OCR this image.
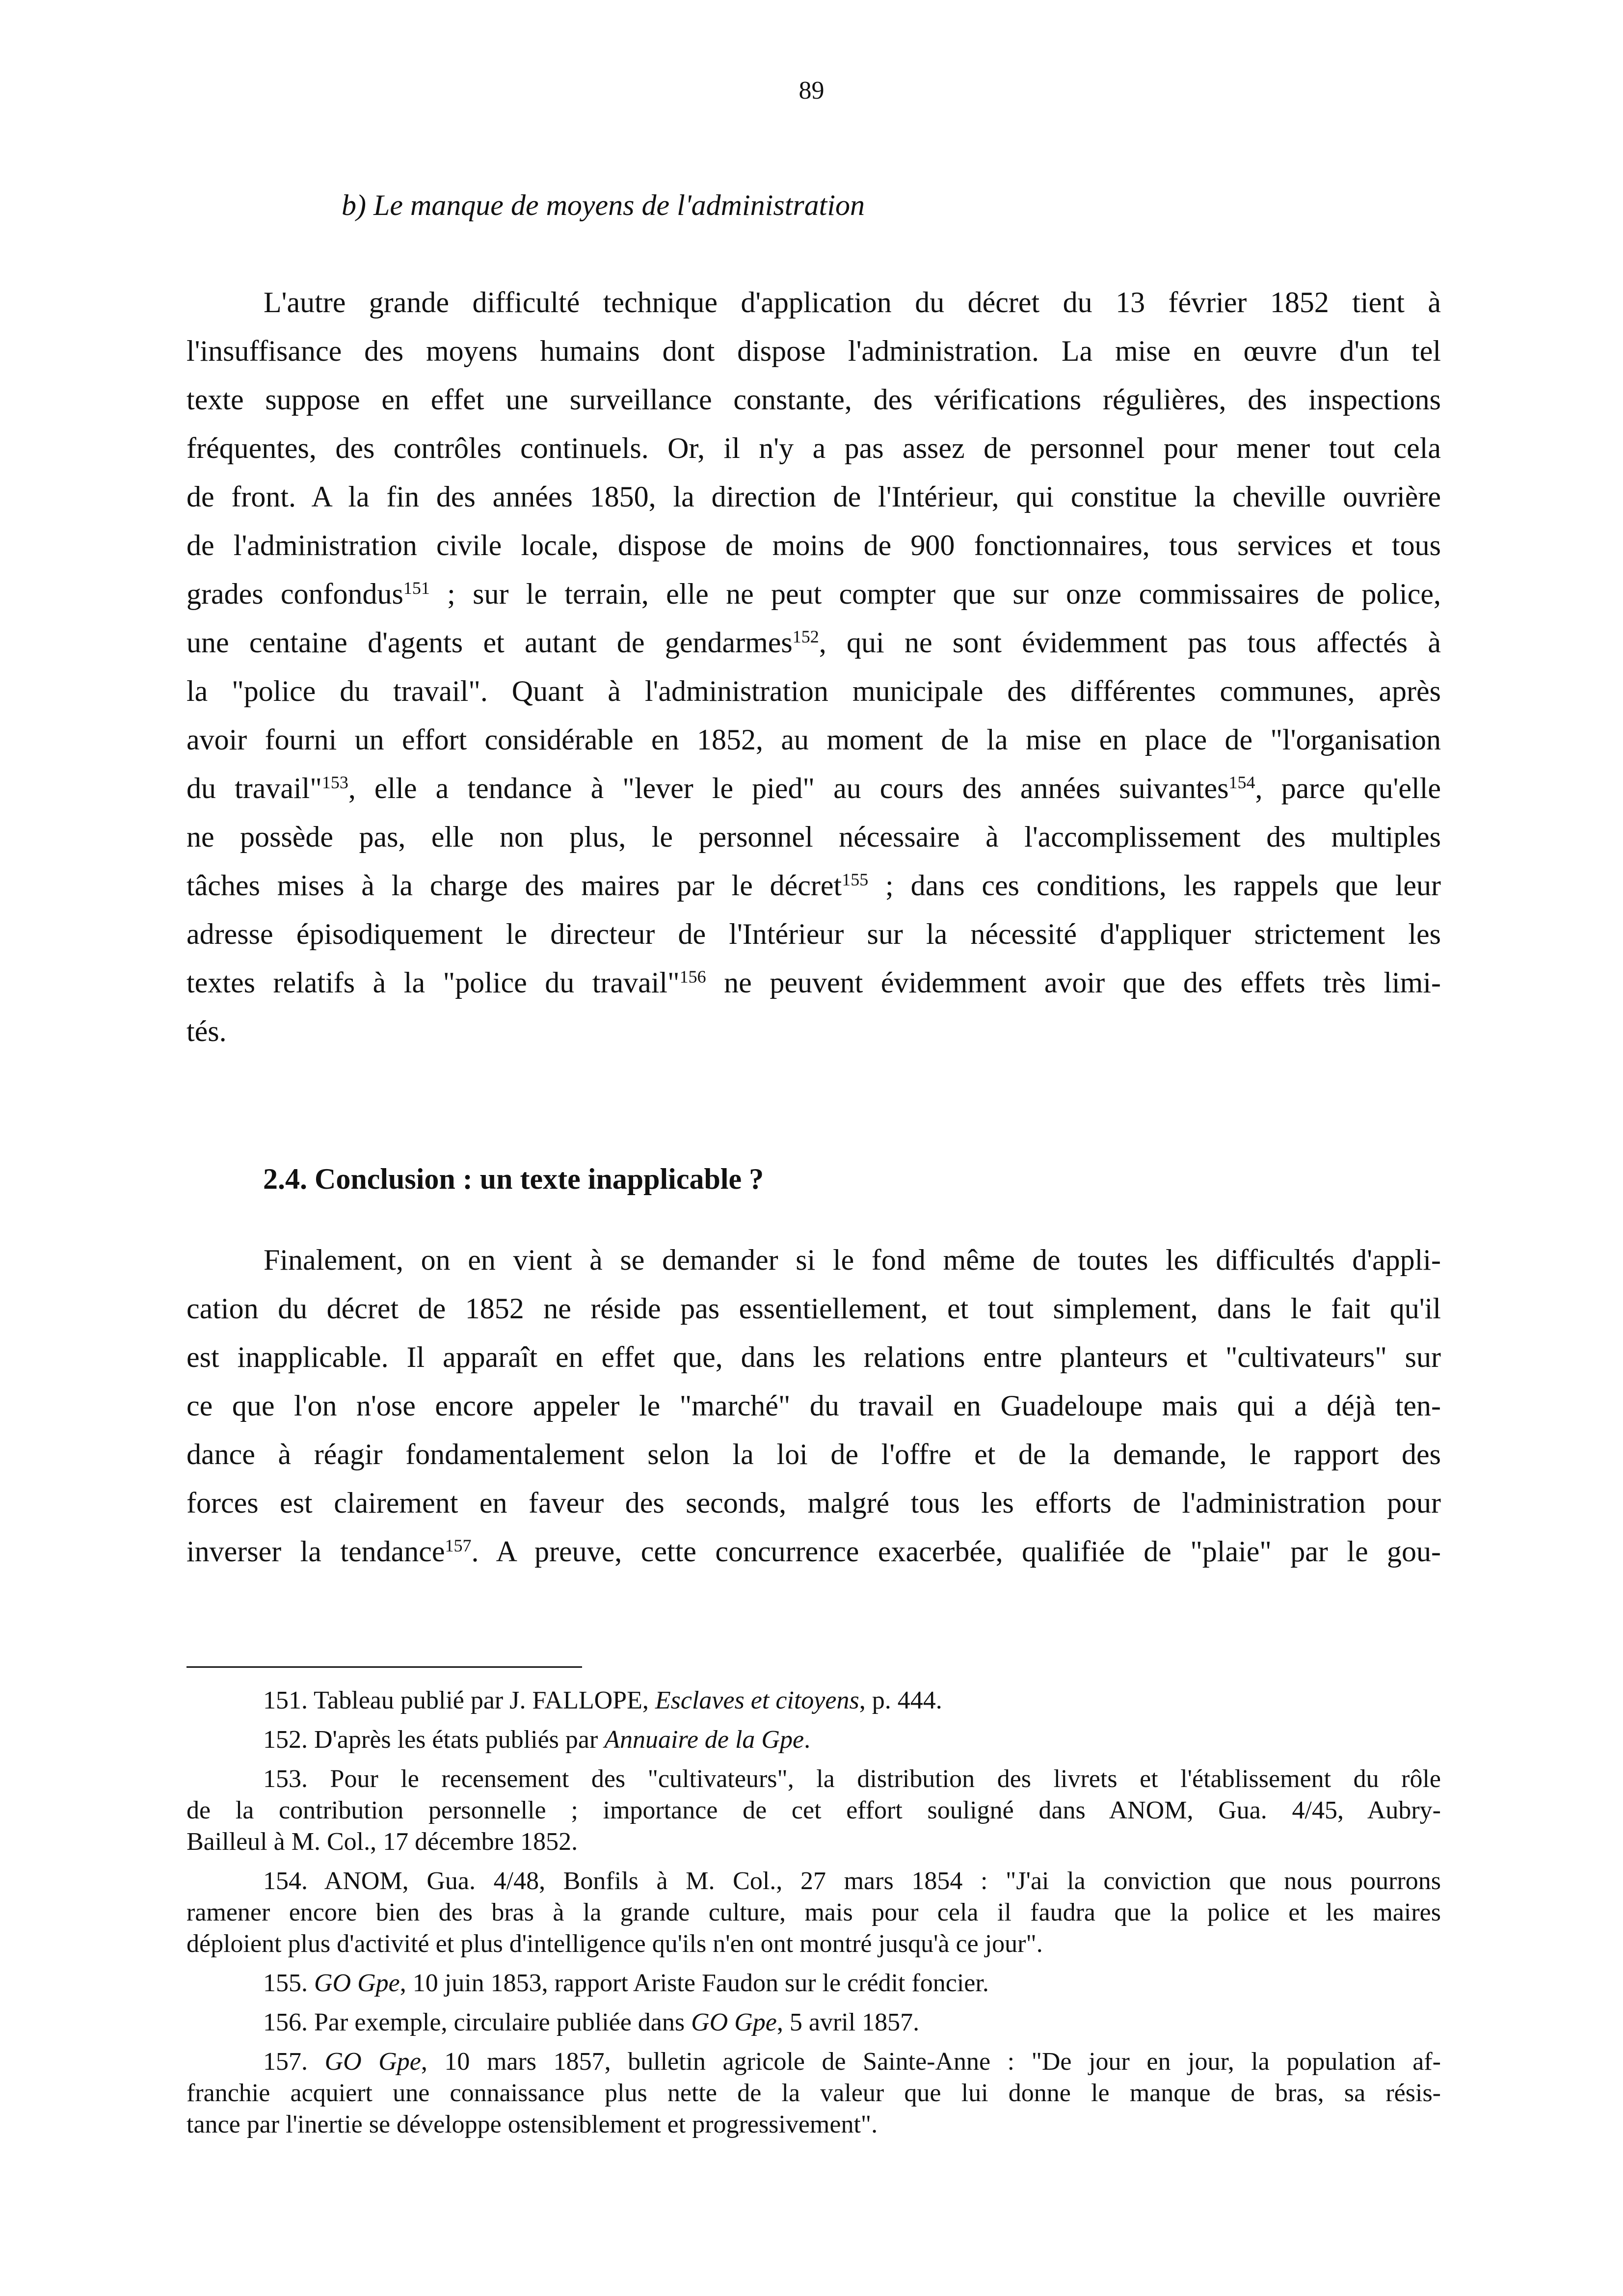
89
b) Le manque de moyens de l'administration
L'autre grande difficulté technique d'application du décret du 13 février 1852 tient à
l'insuffisance des moyens humains dont dispose l'administration. La mise en œuvre d'un tel
texte suppose en effet une surveillance constante, des vérifications régulières, des inspections
fréquentes, des contrôles continuels. Or, il n'y a pas assez de personnel pour mener tout cela
de front. A la fin des années 1850, la direction de l'Intérieur, qui constitue la cheville ouvrière
de l'administration civile locale, dispose de moins de 900 fonctionnaires, tous services et tous
grades confondus$^{151}$ ; sur le terrain, elle ne peut compter que sur onze commissaires de police,
une centaine d'agents et autant de gendarmes$^{152}$, qui ne sont évidemment pas tous affectés à
la "police du travail". Quant à l'administration municipale des différentes communes, après
avoir fourni un effort considérable en 1852, au moment de la mise en place de "l'organisation
du travail"$^{153}$, elle a tendance à "lever le pied" au cours des années suivantes$^{154}$, parce qu'elle
ne possède pas, elle non plus, le personnel nécessaire à l'accomplissement des multiples
tâches mises à la charge des maires par le décret$^{155}$ ; dans ces conditions, les rappels que leur
adresse épisodiquement le directeur de l'Intérieur sur la nécessité d'appliquer strictement les
textes relatifs à la "police du travail"$^{156}$ ne peuvent évidemment avoir que des effets très limi-
tés.
2.4. Conclusion : un texte inapplicable ?
Finalement, on en vient à se demander si le fond même de toutes les difficultés d'appli-
cation du décret de 1852 ne réside pas essentiellement, et tout simplement, dans le fait qu'il
est inapplicable. Il apparaît en effet que, dans les relations entre planteurs et "cultivateurs" sur
ce que l'on n'ose encore appeler le "marché" du travail en Guadeloupe mais qui a déjà ten-
dance à réagir fondamentalement selon la loi de l'offre et de la demande, le rapport des
forces est clairement en faveur des seconds, malgré tous les efforts de l'administration pour
inverser la tendance$^{157}$. A preuve, cette concurrence exacerbée, qualifiée de "plaie" par le gou-
151. Tableau publié par J. FALLOPE, Esclaves et citoyens, p. 444.
152. D'après les états publiés par Annuaire de la Gpe.
153. Pour le recensement des "cultivateurs", la distribution des livrets et l'établissement du rôle
de la contribution personnelle ; importance de cet effort souligné dans ANOM, Gua. 4/45, Aubry-
Bailleul à M. Col., 17 décembre 1852.
154. ANOM, Gua. 4/48, Bonfils à M. Col., 27 mars 1854 : "J'ai la conviction que nous pourrons
ramener encore bien des bras à la grande culture, mais pour cela il faudra que la police et les maires
déploient plus d'activité et plus d'intelligence qu'ils n'en ont montré jusqu'à ce jour".
155. GO Gpe, 10 juin 1853, rapport Ariste Faudon sur le crédit foncier.
156. Par exemple, circulaire publiée dans GO Gpe, 5 avril 1857.
157. GO Gpe, 10 mars 1857, bulletin agricole de Sainte-Anne : "De jour en jour, la population af-
franchie acquiert une connaissance plus nette de la valeur que lui donne le manque de bras, sa résis-
tance par l'inertie se développe ostensiblement et progressivement".
